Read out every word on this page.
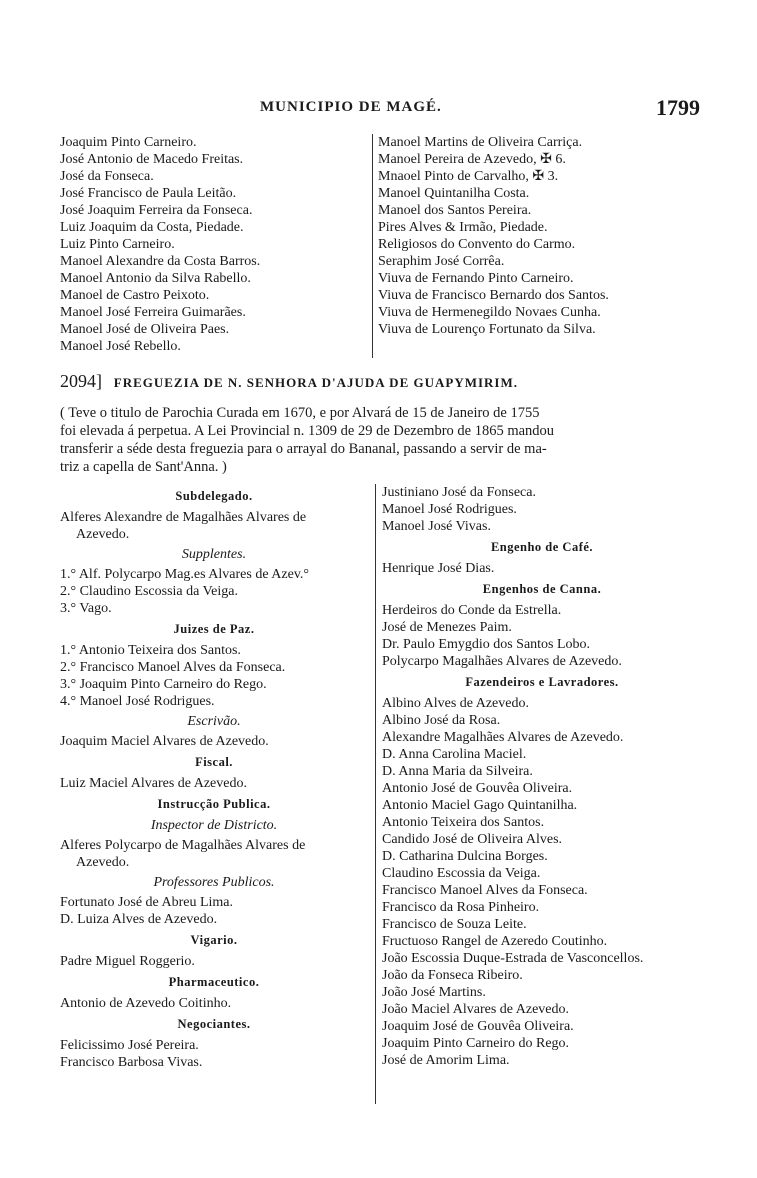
MUNICIPIO DE MAGÉ.	1799
Joaquim Pinto Carneiro.
José Antonio de Macedo Freitas.
José da Fonseca.
José Francisco de Paula Leitão.
José Joaquim Ferreira da Fonseca.
Luiz Joaquim da Costa, Piedade.
Luiz Pinto Carneiro.
Manoel Alexandre da Costa Barros.
Manoel Antonio da Silva Rabello.
Manoel de Castro Peixoto.
Manoel José Ferreira Guimarães.
Manoel José de Oliveira Paes.
Manoel José Rebello.
Manoel Martins de Oliveira Carriça.
Manoel Pereira de Azevedo, ✠ 6.
Mnaoel Pinto de Carvalho, ✠ 3.
Manoel Quintanilha Costa.
Manoel dos Santos Pereira.
Pires Alves & Irmão, Piedade.
Religiosos do Convento do Carmo.
Seraphim José Corrêa.
Viuva de Fernando Pinto Carneiro.
Viuva de Francisco Bernardo dos Santos.
Viuva de Hermenegildo Novaes Cunha.
Viuva de Lourenço Fortunato da Silva.
2094] FREGUEZIA DE N. SENHORA D'AJUDA DE GUAPYMIRIM.
( Teve o titulo de Parochia Curada em 1670, e por Alvará de 15 de Janeiro de 1755
foi elevada á perpetua. A Lei Provincial n. 1309 de 29 de Dezembro de 1865 mandou
transferir a séde desta freguezia para o arrayal do Bananal, passando a servir de ma-
triz a capella de Sant'Anna. )
Subdelegado.
Alferes Alexandre de Magalhães Alvares de
Azevedo.
Supplentes.
1.° Alf. Polycarpo Mag.es Alvares de Azev.°
2.° Claudino Escossia da Veiga.
3.° Vago.
Juizes de Paz.
1.° Antonio Teixeira dos Santos.
2.° Francisco Manoel Alves da Fonseca.
3.° Joaquim Pinto Carneiro do Rego.
4.° Manoel José Rodrigues.
Escrivão.
Joaquim Maciel Alvares de Azevedo.
Fiscal.
Luiz Maciel Alvares de Azevedo.
Instrucção Publica.
Inspector de Districto.
Alferes Polycarpo de Magalhães Alvares de
Azevedo.
Professores Publicos.
Fortunato José de Abreu Lima.
D. Luiza Alves de Azevedo.
Vigario.
Padre Miguel Roggerio.
Pharmaceutico.
Antonio de Azevedo Coitinho.
Negociantes.
Felicissimo José Pereira.
Francisco Barbosa Vivas.
Justiniano José da Fonseca.
Manoel José Rodrigues.
Manoel José Vivas.
Engenho de Café.
Henrique José Dias.
Engenhos de Canna.
Herdeiros do Conde da Estrella.
José de Menezes Paim.
Dr. Paulo Emygdio dos Santos Lobo.
Polycarpo Magalhães Alvares de Azevedo.
Fazendeiros e Lavradores.
Albino Alves de Azevedo.
Albino José da Rosa.
Alexandre Magalhães Alvares de Azevedo.
D. Anna Carolina Maciel.
D. Anna Maria da Silveira.
Antonio José de Gouvêa Oliveira.
Antonio Maciel Gago Quintanilha.
Antonio Teixeira dos Santos.
Candido José de Oliveira Alves.
D. Catharina Dulcina Borges.
Claudino Escossia da Veiga.
Francisco Manoel Alves da Fonseca.
Francisco da Rosa Pinheiro.
Francisco de Souza Leite.
Fructuoso Rangel de Azeredo Coutinho.
João Escossia Duque-Estrada de Vasconcellos.
João da Fonseca Ribeiro.
João José Martins.
João Maciel Alvares de Azevedo.
Joaquim José de Gouvêa Oliveira.
Joaquim Pinto Carneiro do Rego.
José de Amorim Lima.
